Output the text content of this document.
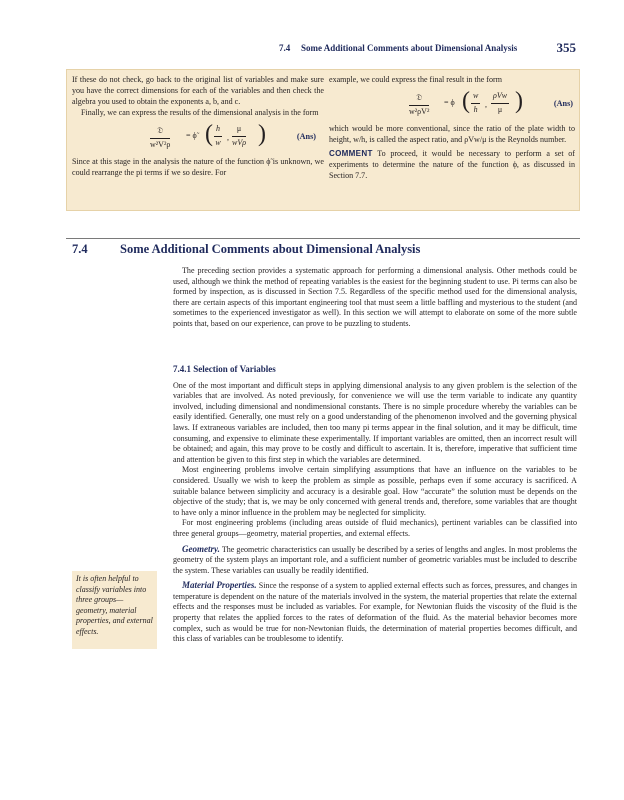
7.4 Some Additional Comments about Dimensional Analysis	355

If these do not check, go back to the original list of variables and make sure you have the correct dimensions for each of the variables and then check the algebra you used to obtain the exponents a, b, and c.

Finally, we can express the results of the dimensional analysis in the form

𝔇
w²V²ρ
= ϕ̃ ( $\frac{h}{w}$ ,
μ
wVρ )	(Ans)

Since at this stage in the analysis the nature of the function ϕ̃ is unknown, we could rearrange the pi terms if we so desire. For

example, we could express the final result in the form

𝔇
w²ρV²
= ϕ ( $\frac{w}{h}$ ,
ρVw
μ )	(Ans)

which would be more conventional, since the ratio of the plate width to height, w/h, is called the aspect ratio, and ρVw/μ is the Reynolds number.

COMMENT To proceed, it would be necessary to perform a set of experiments to determine the nature of the function ϕ, as discussed in Section 7.7.

7.4	Some Additional Comments about Dimensional Analysis

The preceding section provides a systematic approach for performing a dimensional analysis. Other methods could be used, although we think the method of repeating variables is the easiest for the beginning student to use. Pi terms can also be formed by inspection, as is discussed in Section 7.5. Regardless of the specific method used for the dimensional analysis, there are certain aspects of this important engineering tool that must seem a little baffling and mysterious to the student (and sometimes to the experienced investigator as well). In this section we will attempt to elaborate on some of the more subtle points that, based on our experience, can prove to be puzzling to students.

7.4.1 Selection of Variables

One of the most important and difficult steps in applying dimensional analysis to any given problem is the selection of the variables that are involved. As noted previously, for convenience we will use the term variable to indicate any quantity involved, including dimensional and nondimensional constants. There is no simple procedure whereby the variables can be easily identified. Generally, one must rely on a good understanding of the phenomenon involved and the governing physical laws. If extraneous variables are included, then too many pi terms appear in the final solution, and it may be difficult, time consuming, and expensive to eliminate these experimentally. If important variables are omitted, then an incorrect result will be obtained; and again, this may prove to be costly and difficult to ascertain. It is, therefore, imperative that sufficient time and attention be given to this first step in which the variables are determined.

Most engineering problems involve certain simplifying assumptions that have an influence on the variables to be considered. Usually we wish to keep the problem as simple as possible, perhaps even if some accuracy is sacrificed. A suitable balance between simplicity and accuracy is a desirable goal. How “accurate” the solution must be depends on the objective of the study; that is, we may be only concerned with general trends and, therefore, some variables that are thought to have only a minor influence in the problem may be neglected for simplicity.

For most engineering problems (including areas outside of fluid mechanics), pertinent variables can be classified into three general groups—geometry, material properties, and external effects.

Geometry. The geometric characteristics can usually be described by a series of lengths and angles. In most problems the geometry of the system plays an important role, and a sufficient number of geometric variables must be included to describe the system. These variables can usually be readily identified.

Material Properties. Since the response of a system to applied external effects such as forces, pressures, and changes in temperature is dependent on the nature of the materials involved in the system, the material properties that relate the external effects and the responses must be included as variables. For example, for Newtonian fluids the viscosity of the fluid is the property that relates the applied forces to the rates of deformation of the fluid. As the material behavior becomes more complex, such as would be true for non-Newtonian fluids, the determination of material properties becomes difficult, and this class of variables can be troublesome to identify.

It is often helpful to classify variables into three groups—geometry, material properties, and external effects.
